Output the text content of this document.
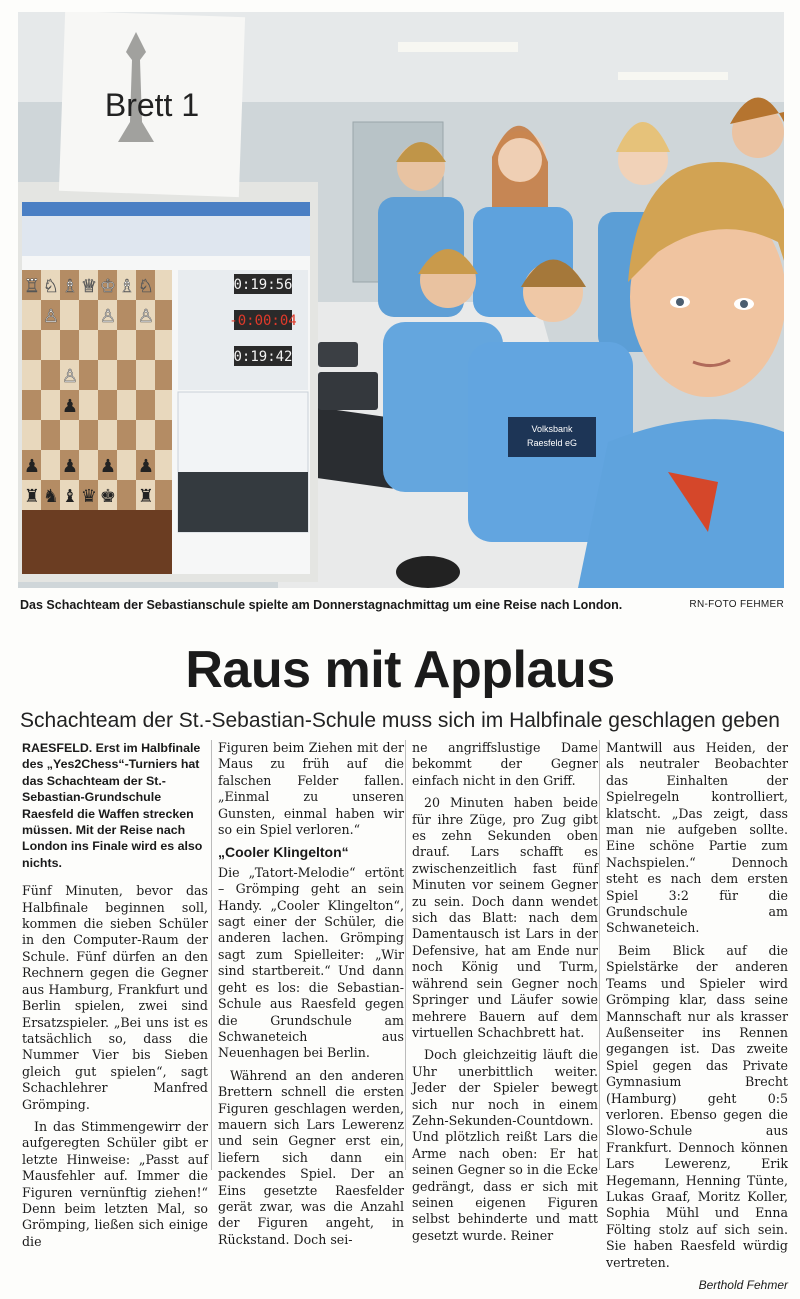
♖ ♘ ♗ ♕ ♔ ♗ ♘
♙ ♙ ♙
♙
♟
♟ ♟ ♟ ♟
♜ ♞ ♝ ♛ ♚ ♜
0:19:56
-0:00:04
0:19:42
Brett 1
Volksbank
Raesfeld eG
Das Schachteam der Sebastianschule spielte am Donnerstagnachmittag um eine Reise nach London.	RN-FOTO FEHMER
Raus mit Applaus
Schachteam der St.-Sebastian-Schule muss sich im Halbfinale geschlagen geben

RAESFELD. Erst im Halbfinale des „Yes2Chess“-Turniers hat das Schachteam der St.-Sebastian-Grundschule Raesfeld die Waffen strecken müssen. Mit der Reise nach London ins Finale wird es also nichts.

Fünf Minuten, bevor das Halbfinale beginnen soll, kommen die sieben Schüler in den Computer-Raum der Schule. Fünf dürfen an den Rechnern gegen die Gegner aus Hamburg, Frankfurt und Berlin spielen, zwei sind Ersatzspieler. „Bei uns ist es tatsächlich so, dass die Nummer Vier bis Sieben gleich gut spielen“, sagt Schachlehrer Manfred Grömping.

In das Stimmengewirr der aufgeregten Schüler gibt er letzte Hinweise: „Passt auf Mausfehler auf. Immer die Figuren vernünftig ziehen!“ Denn beim letzten Mal, so Grömping, ließen sich einige die

Figuren beim Ziehen mit der Maus zu früh auf die falschen Felder fallen. „Einmal zu unseren Gunsten, einmal haben wir so ein Spiel verloren.“

„Cooler Klingelton“

Die „Tatort-Melodie“ ertönt – Grömping geht an sein Handy. „Cooler Klingelton“, sagt einer der Schüler, die anderen lachen. Grömping sagt zum Spielleiter: „Wir sind startbereit.“ Und dann geht es los: die Sebastian-Schule aus Raesfeld gegen die Grundschule am Schwaneteich aus Neuenhagen bei Berlin.

Während an den anderen Brettern schnell die ersten Figuren geschlagen werden, mauern sich Lars Lewerenz und sein Gegner erst ein, liefern sich dann ein packendes Spiel. Der an Eins gesetzte Raesfelder gerät zwar, was die Anzahl der Figuren angeht, in Rückstand. Doch sei-

ne angriffslustige Dame bekommt der Gegner einfach nicht in den Griff.

20 Minuten haben beide für ihre Züge, pro Zug gibt es zehn Sekunden oben drauf. Lars schafft es zwischenzeitlich fast fünf Minuten vor seinem Gegner zu sein. Doch dann wendet sich das Blatt: nach dem Damentausch ist Lars in der Defensive, hat am Ende nur noch König und Turm, während sein Gegner noch Springer und Läufer sowie mehrere Bauern auf dem virtuellen Schachbrett hat.

Doch gleichzeitig läuft die Uhr unerbittlich weiter. Jeder der Spieler bewegt sich nur noch in einem Zehn-Sekunden-Countdown. Und plötzlich reißt Lars die Arme nach oben: Er hat seinen Gegner so in die Ecke gedrängt, dass er sich mit seinen eigenen Figuren selbst behinderte und matt gesetzt wurde. Reiner

Mantwill aus Heiden, der als neutraler Beobachter das Einhalten der Spielregeln kontrolliert, klatscht. „Das zeigt, dass man nie aufgeben sollte. Eine schöne Partie zum Nachspielen.“ Dennoch steht es nach dem ersten Spiel 3:2 für die Grundschule am Schwaneteich.

Beim Blick auf die Spielstärke der anderen Teams und Spieler wird Grömping klar, dass seine Mannschaft nur als krasser Außenseiter ins Rennen gegangen ist. Das zweite Spiel gegen das Private Gymnasium Brecht (Hamburg) geht 0:5 verloren. Ebenso gegen die Slowo-Schule aus Frankfurt. Dennoch können Lars Lewerenz, Erik Hegemann, Henning Tünte, Lukas Graaf, Moritz Koller, Sophia Mühl und Enna Fölting stolz auf sich sein. Sie haben Raesfeld würdig vertreten.

Berthold Fehmer
